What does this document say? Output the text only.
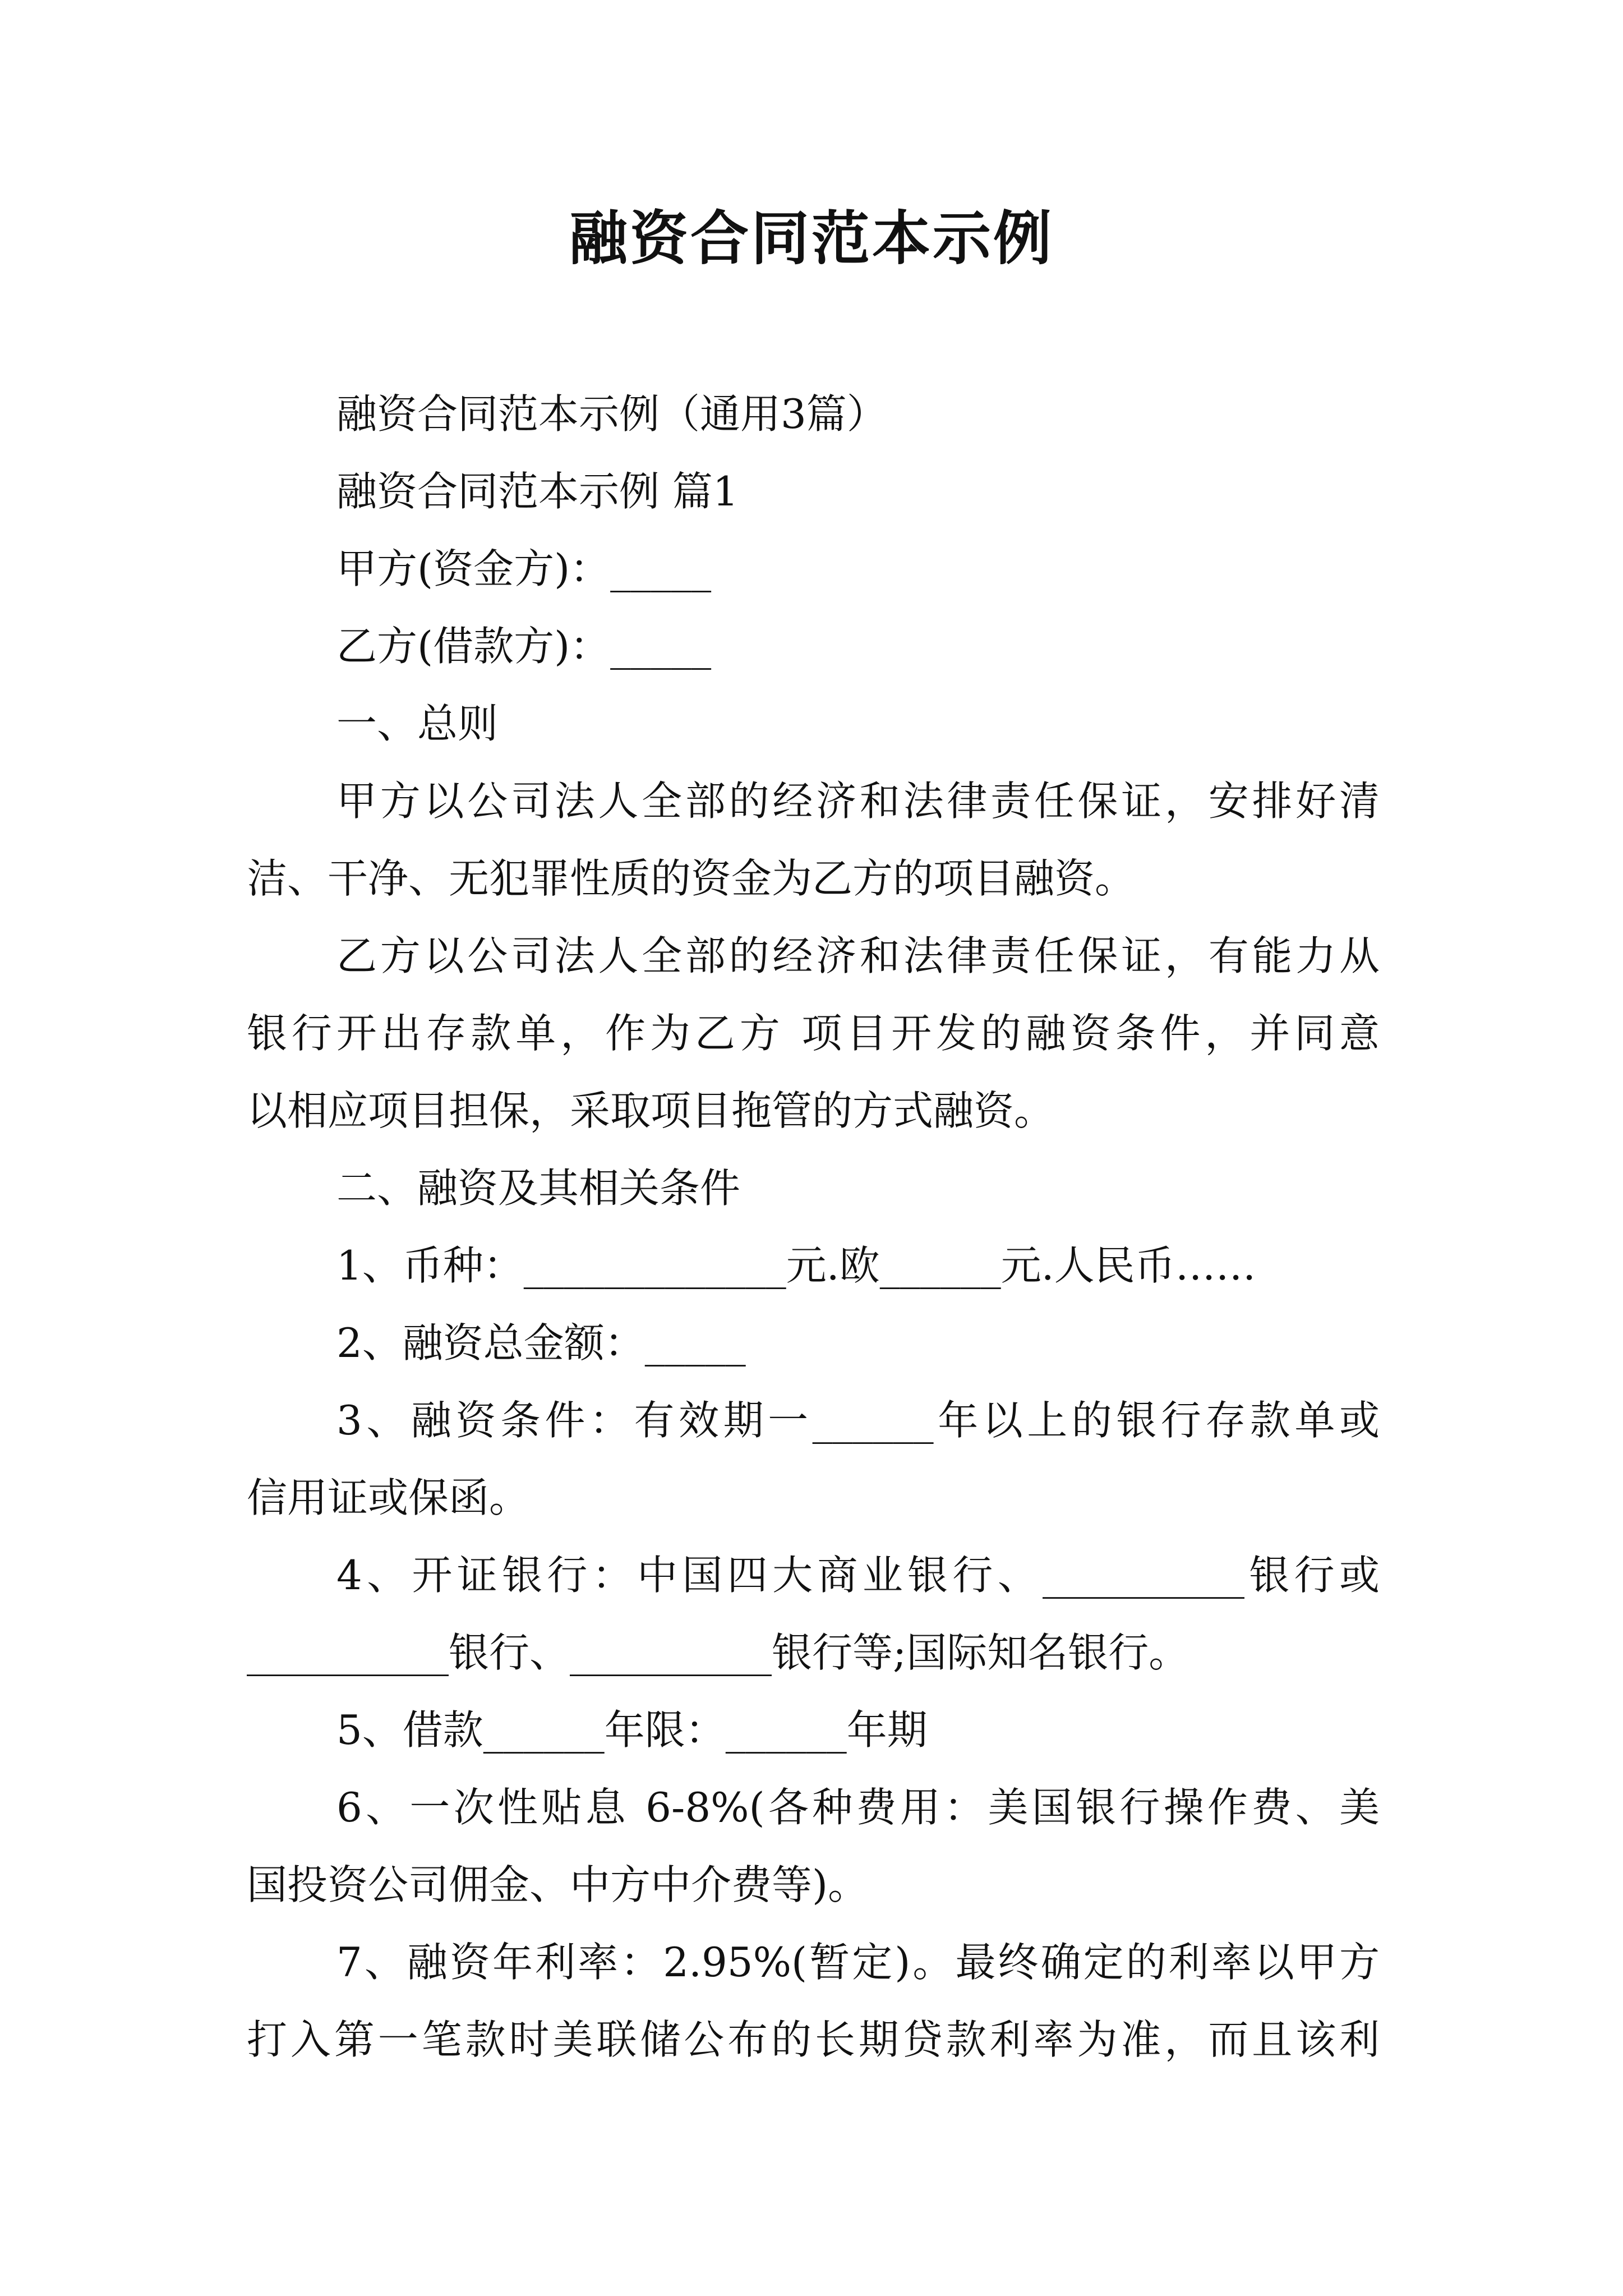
融资合同范本示例
融资合同范本示例（通用3篇）
融资合同范本示例 篇1
甲方(资金方)：_____
乙方(借款方)：_____
一、总则
甲方以公司法人全部的经济和法律责任保证，安排好清
洁、干净、无犯罪性质的资金为乙方的项目融资。
乙方以公司法人全部的经济和法律责任保证，有能力从
银行开出存款单，作为乙方 项目开发的融资条件，并同意
以相应项目担保，采取项目拖管的方式融资。
二、融资及其相关条件
1、币种：_____________元.欧______元.人民币……
2、融资总金额：_____
3、融资条件：有效期一______年以上的银行存款单或
信用证或保函。
4、开证银行：中国四大商业银行、__________银行或
__________银行、__________银行等;国际知名银行。
5、借款______年限：______年期
6、一次性贴息 6-8%(各种费用：美国银行操作费、美
国投资公司佣金、中方中介费等)。
7、融资年利率：2.95%(暂定)。最终确定的利率以甲方
打入第一笔款时美联储公布的长期贷款利率为准，而且该利
